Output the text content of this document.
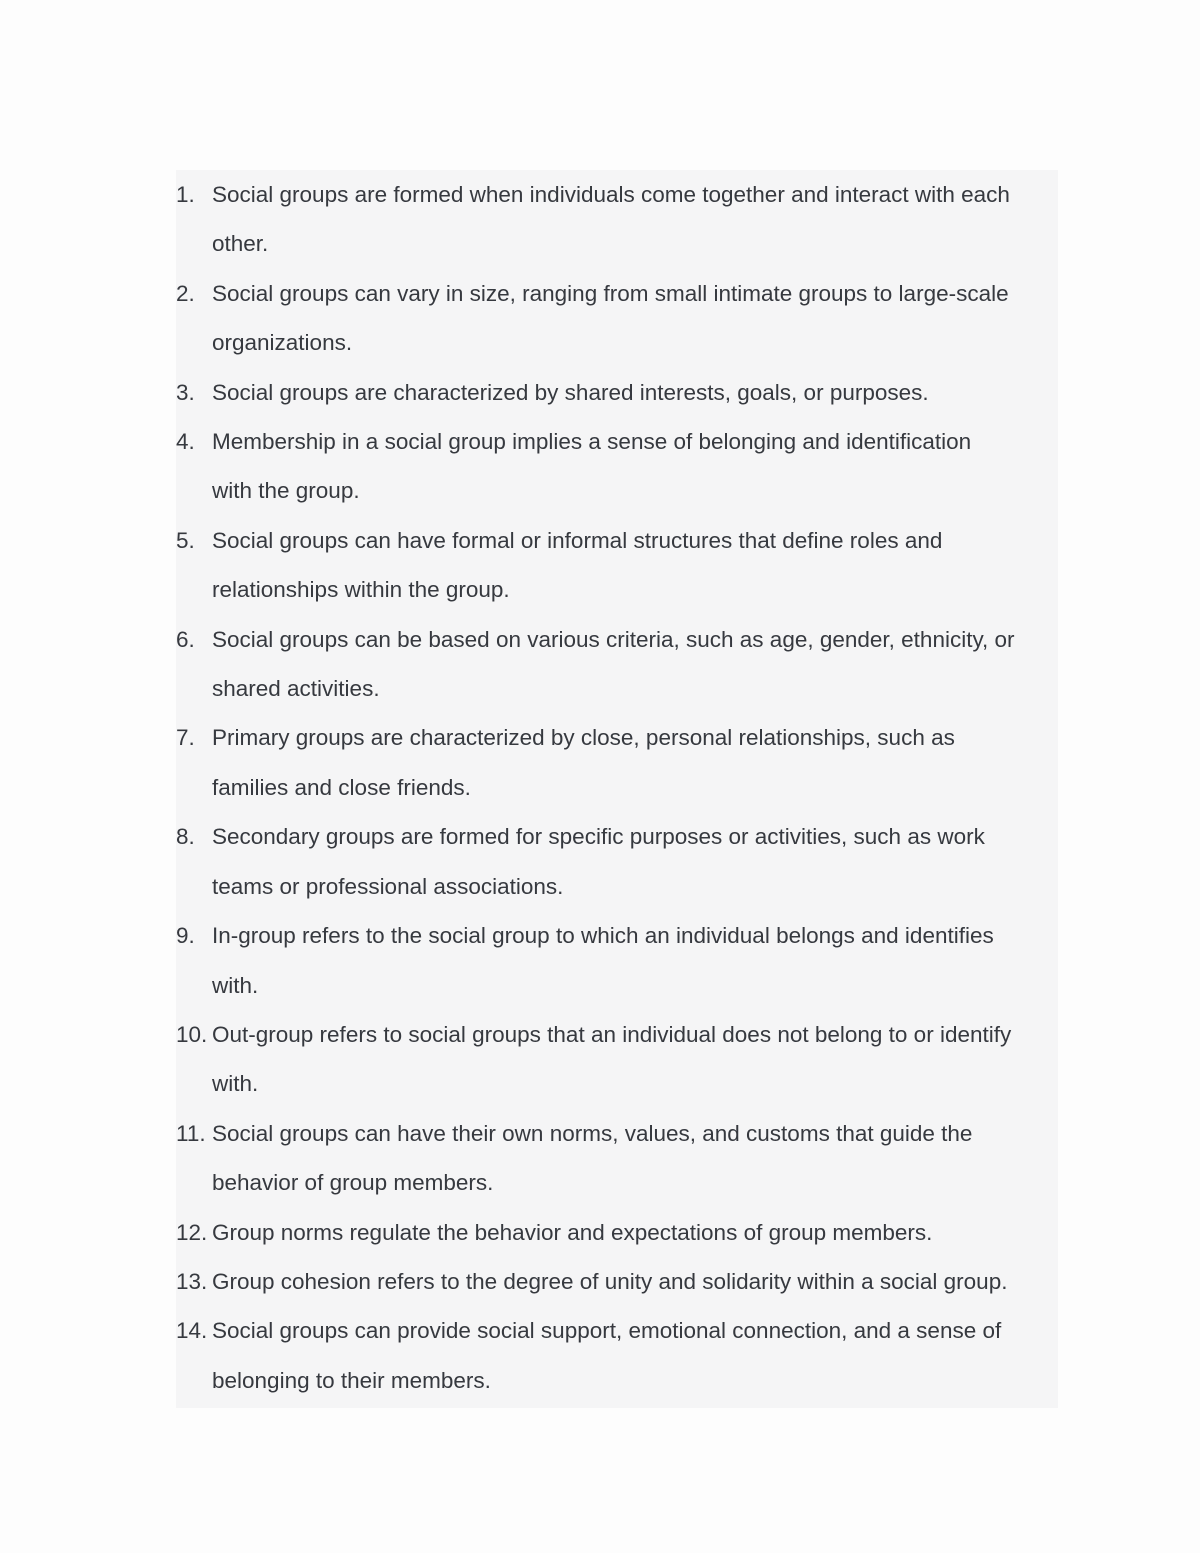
1. Social groups are formed when individuals come together and interact with each
other.
2. Social groups can vary in size, ranging from small intimate groups to large-scale
organizations.
3. Social groups are characterized by shared interests, goals, or purposes.
4. Membership in a social group implies a sense of belonging and identification
with the group.
5. Social groups can have formal or informal structures that define roles and
relationships within the group.
6. Social groups can be based on various criteria, such as age, gender, ethnicity, or
shared activities.
7. Primary groups are characterized by close, personal relationships, such as
families and close friends.
8. Secondary groups are formed for specific purposes or activities, such as work
teams or professional associations.
9. In-group refers to the social group to which an individual belongs and identifies
with.
10. Out-group refers to social groups that an individual does not belong to or identify
with.
11. Social groups can have their own norms, values, and customs that guide the
behavior of group members.
12. Group norms regulate the behavior and expectations of group members.
13. Group cohesion refers to the degree of unity and solidarity within a social group.
14. Social groups can provide social support, emotional connection, and a sense of
belonging to their members.
